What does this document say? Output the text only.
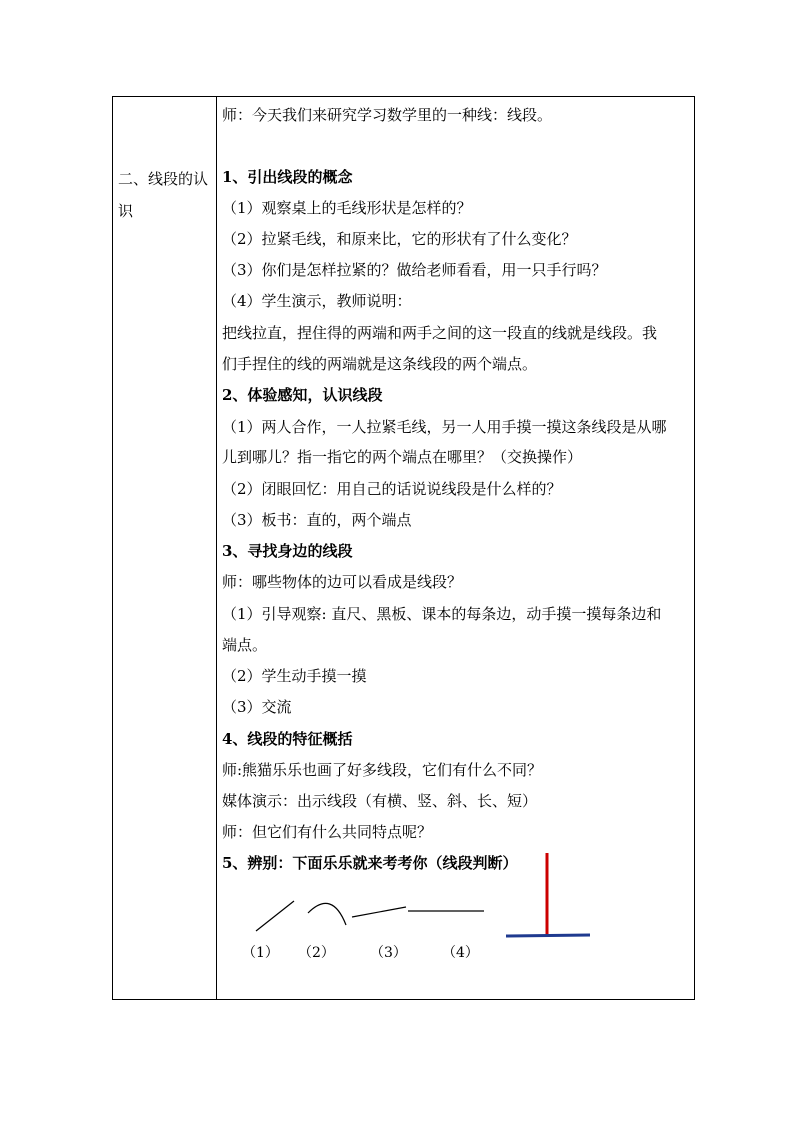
二、线段的认识
（1） （2）	（3）	（4）
师：今天我们来研究学习数学里的一种线：线段。
1、引出线段的概念
（1）观察桌上的毛线形状是怎样的？
（2）拉紧毛线，和原来比，它的形状有了什么变化？
（3）你们是怎样拉紧的？做给老师看看，用一只手行吗？
（4）学生演示，教师说明：
把线拉直，捏住得的两端和两手之间的这一段直的线就是线段。我
们手捏住的线的两端就是这条线段的两个端点。
2、体验感知，认识线段
（1）两人合作，一人拉紧毛线，另一人用手摸一摸这条线段是从哪
儿到哪儿？指一指它的两个端点在哪里？（交换操作）
（2）闭眼回忆：用自己的话说说线段是什么样的？
（3）板书：直的，两个端点
3、寻找身边的线段
师：哪些物体的边可以看成是线段？
（1）引导观察: 直尺、黑板、课本的每条边，动手摸一摸每条边和
端点。
（2）学生动手摸一摸
（3）交流
4、线段的特征概括
师:熊猫乐乐也画了好多线段，它们有什么不同？
媒体演示：出示线段（有横、竖、斜、长、短）
师：但它们有什么共同特点呢？
5、辨别：下面乐乐就来考考你（线段判断）
